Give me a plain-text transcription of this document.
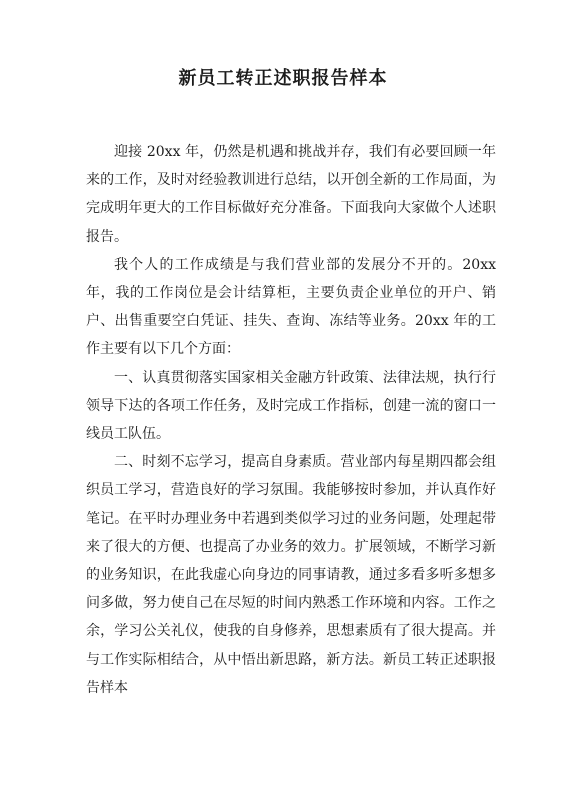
新员工转正述职报告样本

迎接 20xx 年，仍然是机遇和挑战并存，我们有必要回顾一年来的工作，及时对经验教训进行总结，以开创全新的工作局面，为完成明年更大的工作目标做好充分准备。下面我向大家做个人述职报告。

我个人的工作成绩是与我们营业部的发展分不开的。20xx 年，我的工作岗位是会计结算柜，主要负责企业单位的开户、销户、出售重要空白凭证、挂失、查询、冻结等业务。20xx 年的工作主要有以下几个方面：

一、认真贯彻落实国家相关金融方针政策、法律法规，执行行领导下达的各项工作任务，及时完成工作指标，创建一流的窗口一线员工队伍。

二、时刻不忘学习，提高自身素质。营业部内每星期四都会组织员工学习，营造良好的学习氛围。我能够按时参加，并认真作好笔记。在平时办理业务中若遇到类似学习过的业务问题，处理起带来了很大的方便、也提高了办业务的效力。扩展领域，不断学习新的业务知识，在此我虚心向身边的同事请教，通过多看多听多想多问多做，努力使自己在尽短的时间内熟悉工作环境和内容。工作之余，学习公关礼仪，使我的自身修养，思想素质有了很大提高。并与工作实际相结合，从中悟出新思路，新方法。新员工转正述职报告样本
